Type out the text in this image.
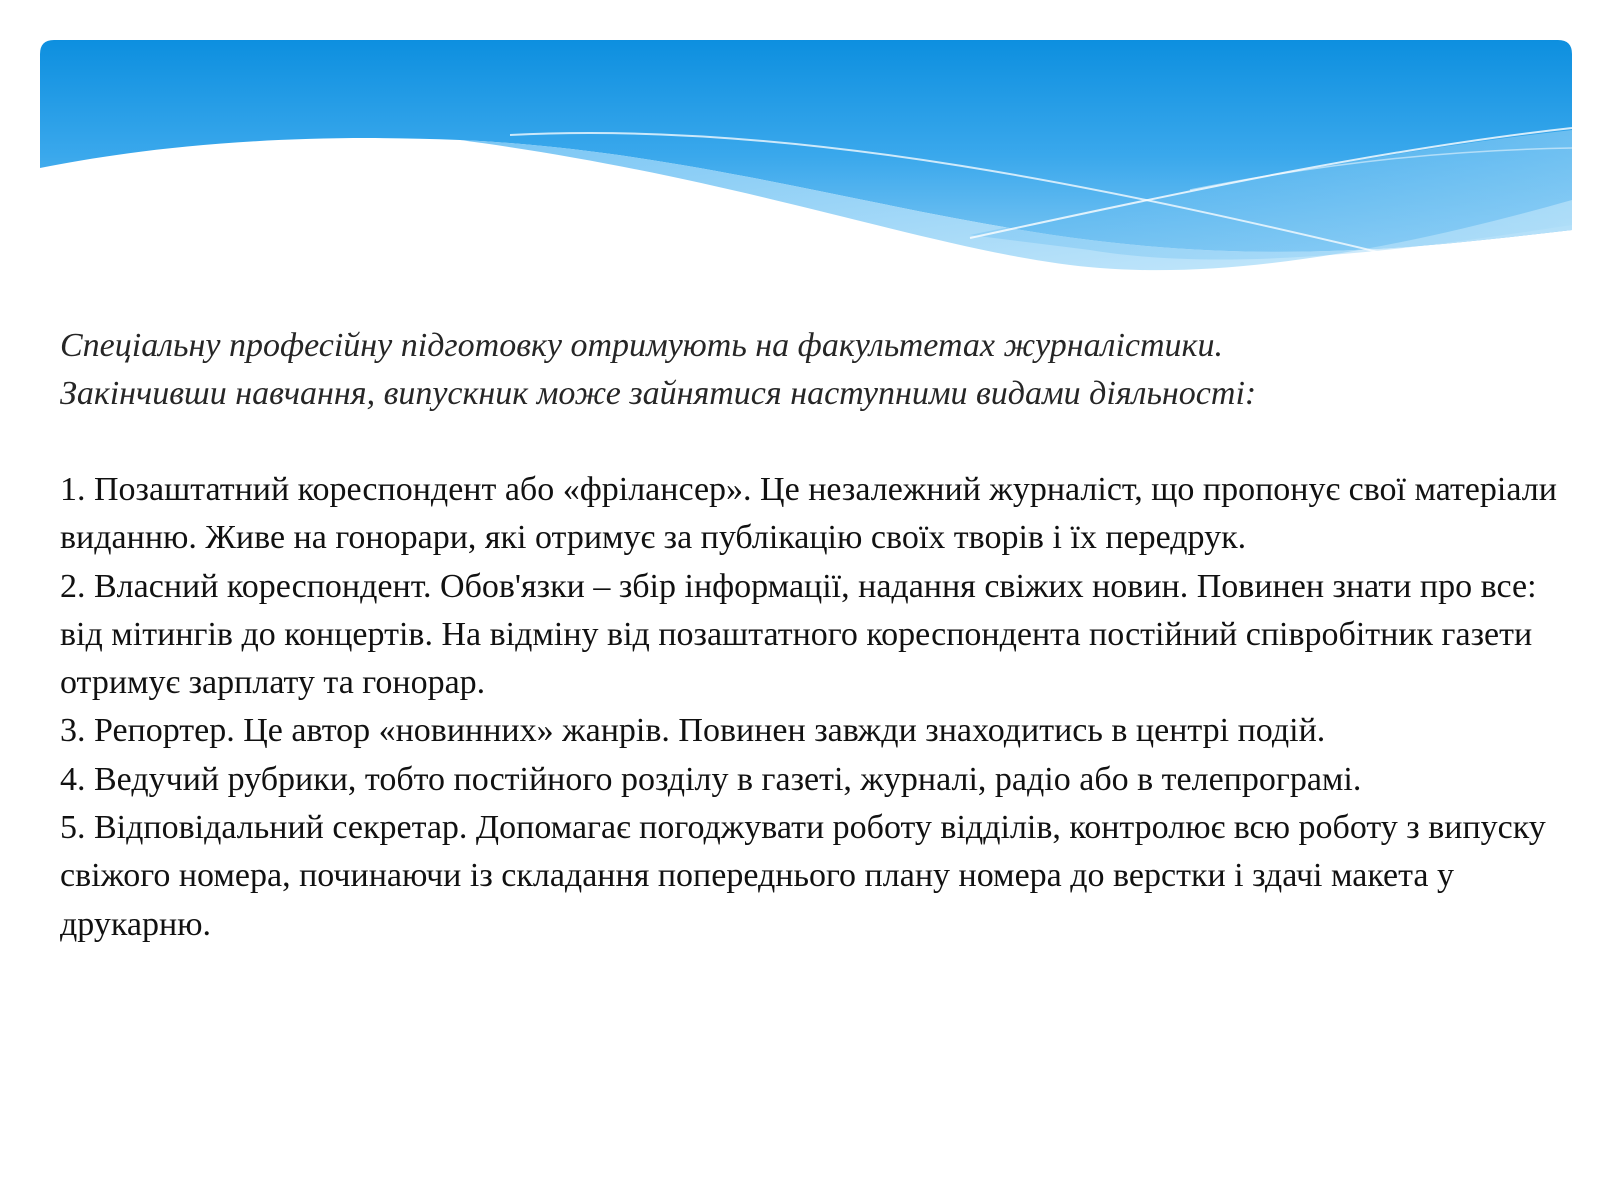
Спеціальну професійну підготовку отримують на факультетах журналістики.
Закінчивши навчання, випускник може зайнятися наступними видами діяльності:

1. Позаштатний кореспондент або «фрілансер». Це незалежний журналіст, що пропонує свої матеріали виданню. Живе на гонорари, які отримує за публікацію своїх творів і їх передрук.
2. Власний кореспондент. Обов'язки – збір інформації, надання свіжих новин. Повинен знати про все: від мітингів до концертів. На відміну від позаштатного кореспондента постійний співробітник газети отримує зарплату та гонорар.
3. Репортер. Це автор «новинних» жанрів. Повинен завжди знаходитись в центрі подій.
4. Ведучий рубрики, тобто постійного розділу в газеті, журналі, радіо або в телепрограмі.
5. Відповідальний секретар. Допомагає погоджувати роботу відділів, контролює всю роботу з випуску свіжого номера, починаючи із складання попереднього плану номера до верстки і здачі макета у друкарню.
